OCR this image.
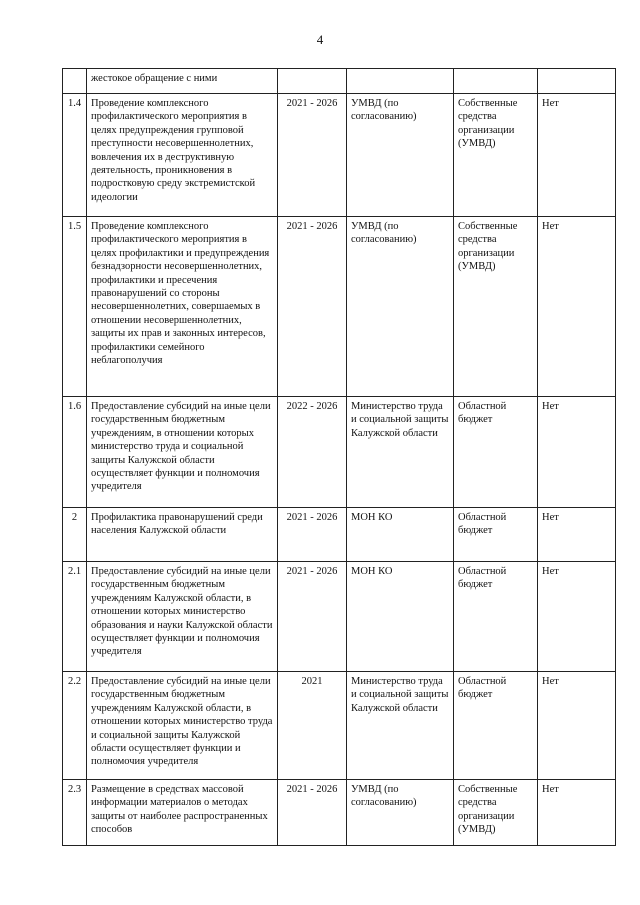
4
	жестокое обращение с ними				
1.4	Проведение комплексного профилактического мероприятия в целях предупреждения групповой преступности несовершеннолетних, вовлечения их в деструктивную деятельность, проникновения в подростковую среду экстремистской идеологии	2021 - 2026	УМВД (по согласованию)	Собственные средства организации (УМВД)	Нет
1.5	Проведение комплексного профилактического мероприятия в целях профилактики и предупреждения безнадзорности несовершеннолетних, профилактики и пресечения правонарушений со стороны несовершеннолетних, совершаемых в отношении несовершеннолетних, защиты их прав и законных интересов, профилактики семейного неблагополучия	2021 - 2026	УМВД (по согласованию)	Собственные средства организации (УМВД)	Нет
1.6	Предоставление субсидий на иные цели государственным бюджетным учреждениям, в отношении которых министерство труда и социальной защиты Калужской области осуществляет функции и полномочия учредителя	2022 - 2026	Министерство труда и социальной защиты Калужской области	Областной бюджет	Нет
2	Профилактика правонарушений среди населения Калужской области	2021 - 2026	МОН КО	Областной бюджет	Нет
2.1	Предоставление субсидий на иные цели государственным бюджетным учреждениям Калужской области, в отношении которых министерство образования и науки Калужской области осуществляет функции и полномочия учредителя	2021 - 2026	МОН КО	Областной бюджет	Нет
2.2	Предоставление субсидий на иные цели государственным бюджетным учреждениям Калужской области, в отношении которых министерство труда и социальной защиты Калужской области осуществляет функции и полномочия учредителя	2021	Министерство труда и социальной защиты Калужской области	Областной бюджет	Нет
2.3	Размещение в средствах массовой информации материалов о методах защиты от наиболее распространенных способов	2021 - 2026	УМВД (по согласованию)	Собственные средства организации (УМВД)	Нет
